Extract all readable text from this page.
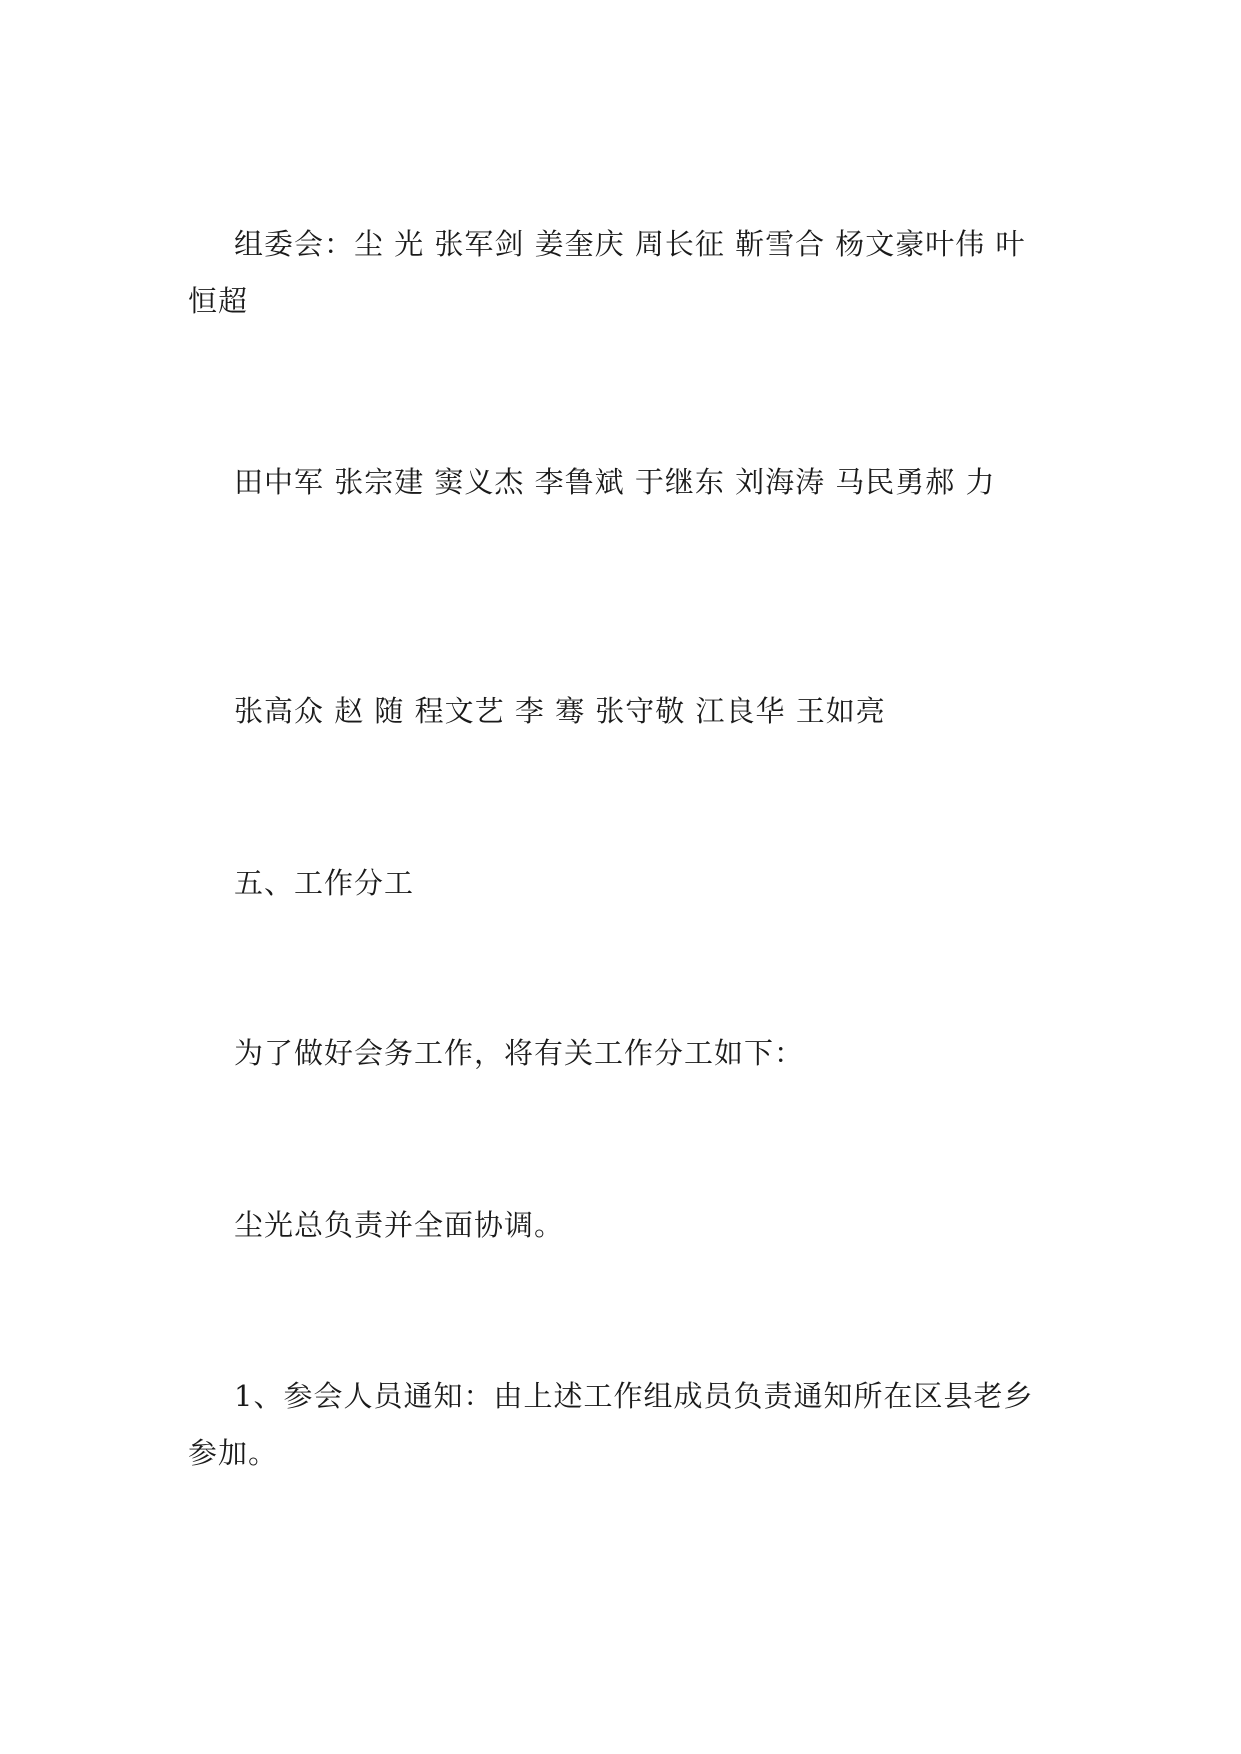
组委会：尘 光 张军剑 姜奎庆 周长征 靳雪合 杨文豪叶伟 叶恒超

田中军 张宗建 窦义杰 李鲁斌 于继东 刘海涛 马民勇郝 力

张高众 赵 随 程文艺 李 骞 张守敬 江良华 王如亮

五、工作分工

为了做好会务工作，将有关工作分工如下：

尘光总负责并全面协调。

1、参会人员通知：由上述工作组成员负责通知所在区县老乡参加。
